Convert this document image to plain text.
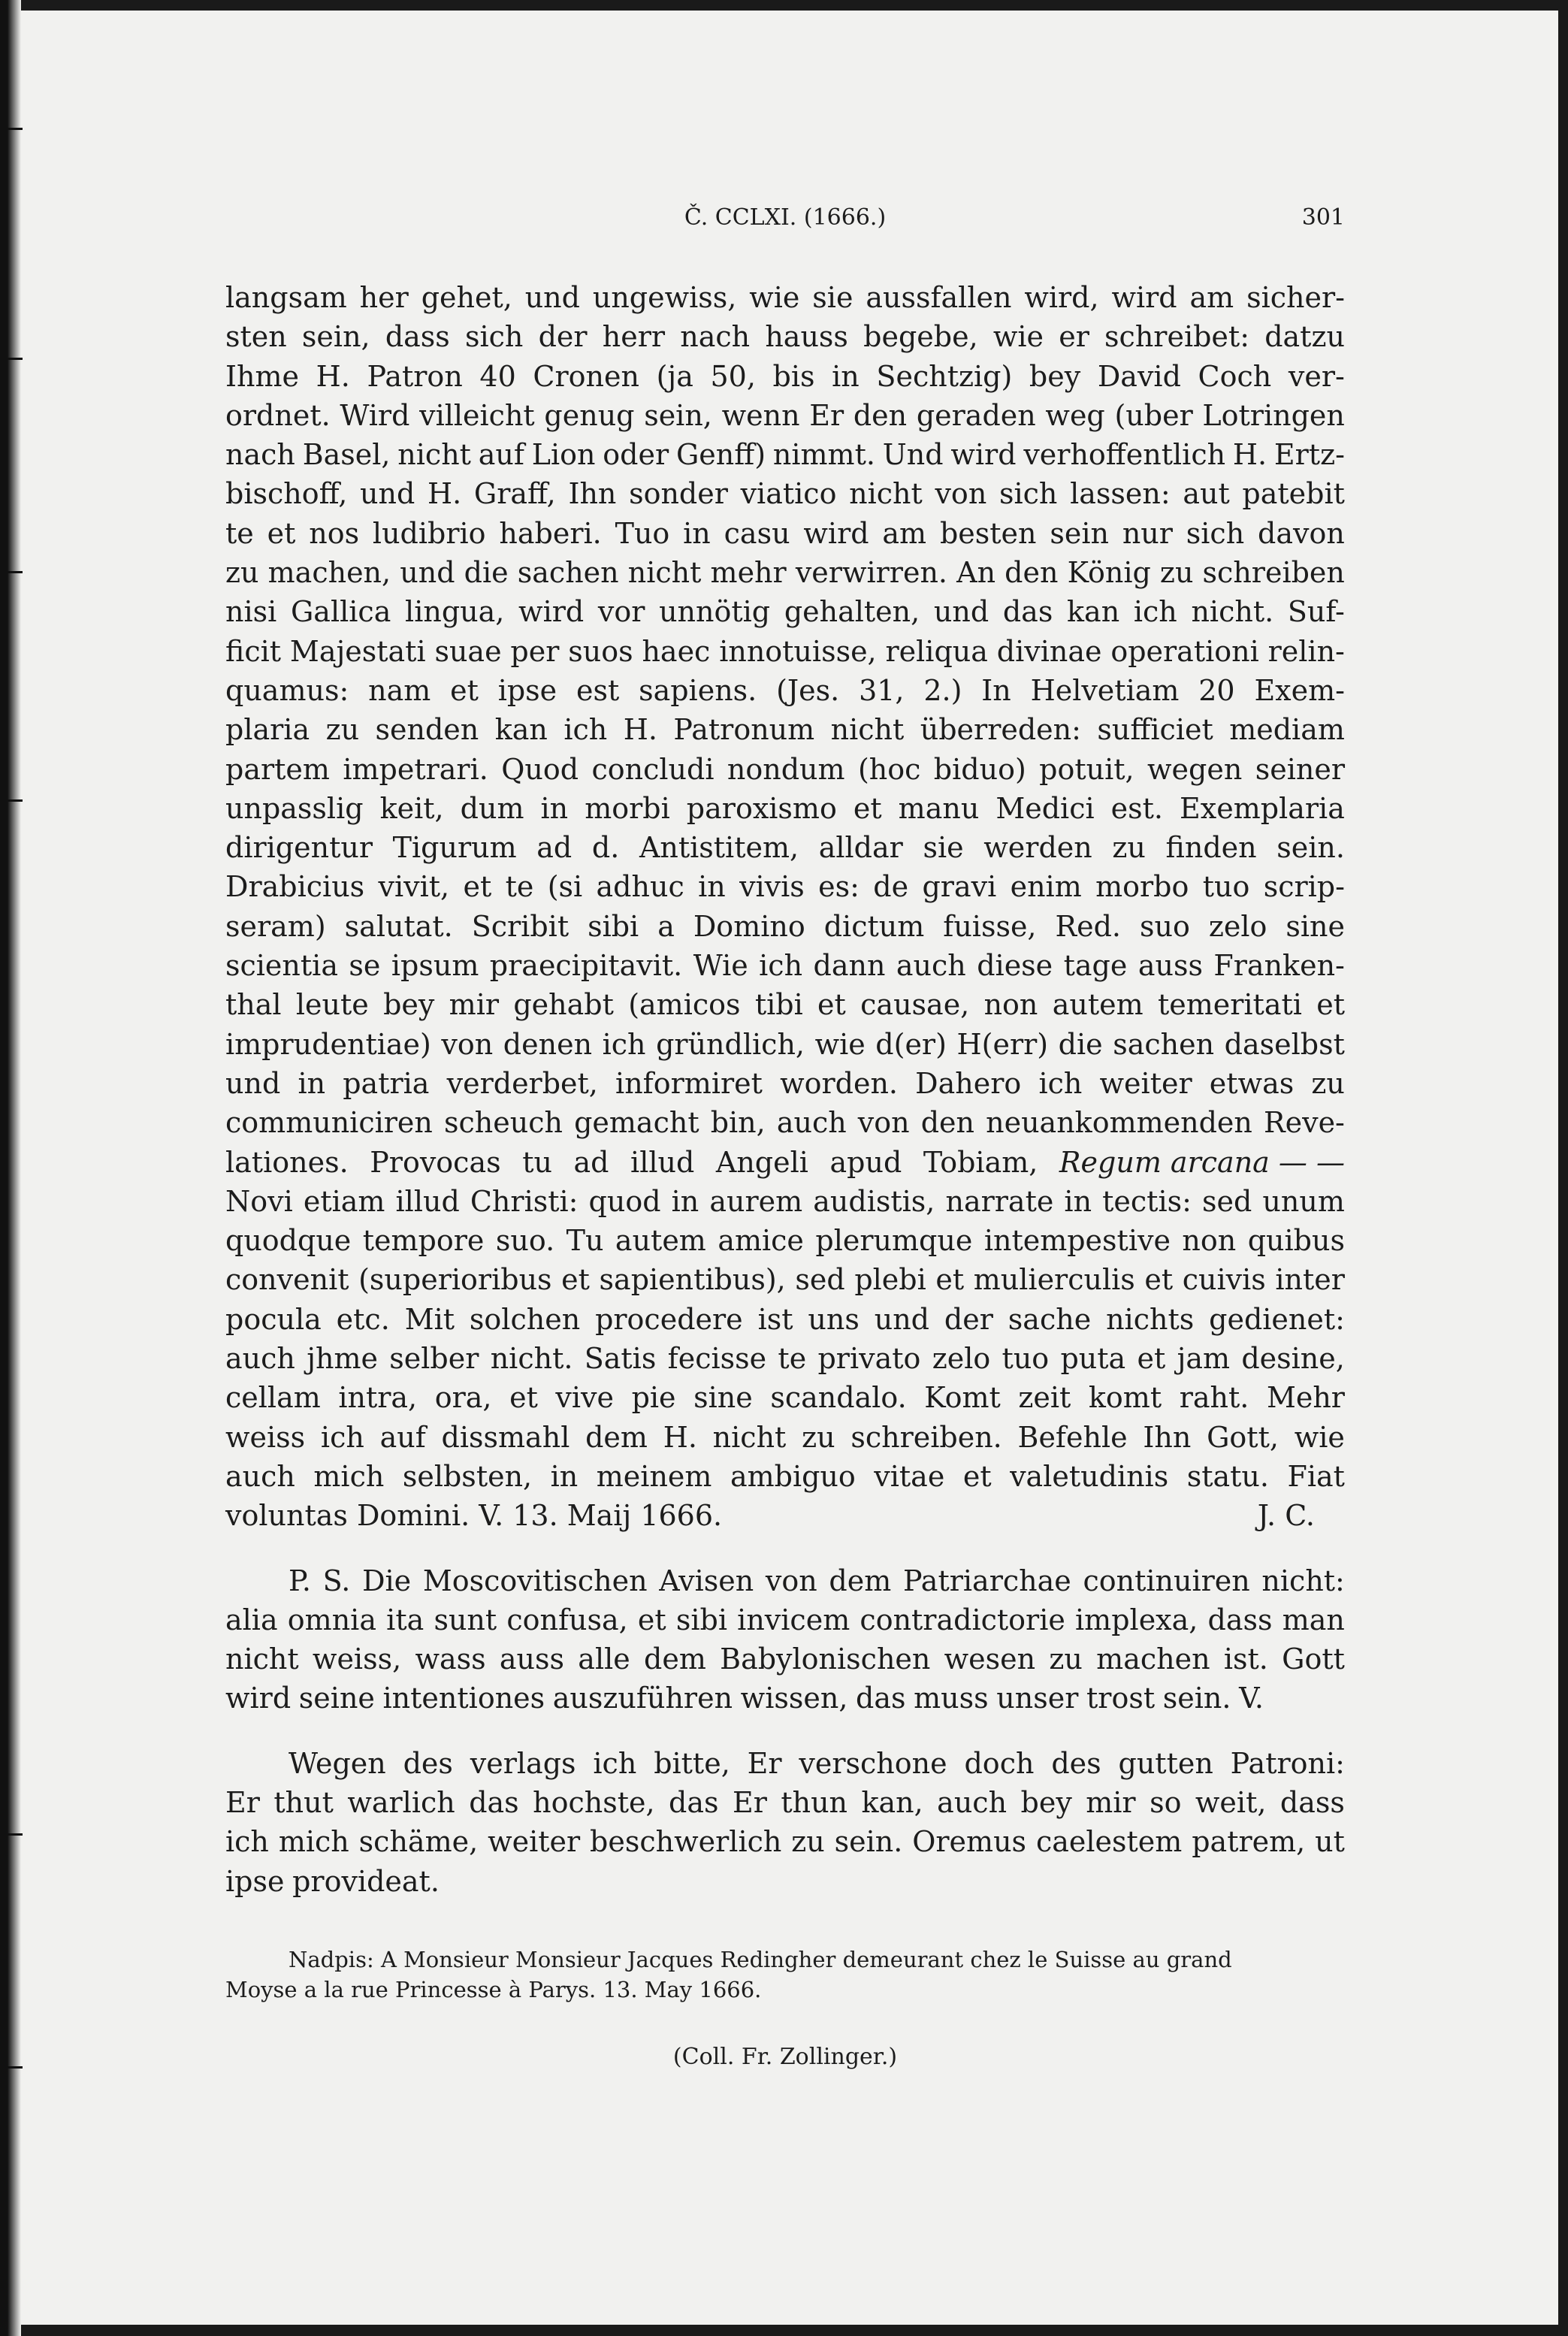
Č. CCLXI. (1666.)	301
langsam her gehet, und ungewiss, wie sie aussfallen wird, wird am sicher-
sten sein, dass sich der herr nach hauss begebe, wie er schreibet: datzu
Ihme H. Patron 40 Cronen (ja 50, bis in Sechtzig) bey David Coch ver-
ordnet. Wird villeicht genug sein, wenn Er den geraden weg (uber Lotringen
nach Basel, nicht auf Lion oder Genff) nimmt. Und wird verhoffentlich H. Ertz-
bischoff, und H. Graff, Ihn sonder viatico nicht von sich lassen: aut patebit
te et nos ludibrio haberi. Tuo in casu wird am besten sein nur sich davon
zu machen, und die sachen nicht mehr verwirren. An den König zu schreiben
nisi Gallica lingua, wird vor unnötig gehalten, und das kan ich nicht. Suf-
ficit Majestati suae per suos haec innotuisse, reliqua divinae operationi relin-
quamus: nam et ipse est sapiens. (Jes. 31, 2.) In Helvetiam 20 Exem-
plaria zu senden kan ich H. Patronum nicht überreden: sufficiet mediam
partem impetrari. Quod concludi nondum (hoc biduo) potuit, wegen seiner
unpasslig keit, dum in morbi paroxismo et manu Medici est. Exemplaria
dirigentur Tigurum ad d. Antistitem, alldar sie werden zu finden sein.
Drabicius vivit, et te (si adhuc in vivis es: de gravi enim morbo tuo scrip-
seram) salutat. Scribit sibi a Domino dictum fuisse, Red. suo zelo sine
scientia se ipsum praecipitavit. Wie ich dann auch diese tage auss Franken-
thal leute bey mir gehabt (amicos tibi et causae, non autem temeritati et
imprudentiae) von denen ich gründlich, wie d(er) H(err) die sachen daselbst
und in patria verderbet, informiret worden. Dahero ich weiter etwas zu
communiciren scheuch gemacht bin, auch von den neuankommenden Reve-
lationes. Provocas tu ad illud Angeli apud Tobiam, Regum arcana — —
Novi etiam illud Christi: quod in aurem audistis, narrate in tectis: sed unum
quodque tempore suo. Tu autem amice plerumque intempestive non quibus
convenit (superioribus et sapientibus), sed plebi et mulierculis et cuivis inter
pocula etc. Mit solchen procedere ist uns und der sache nichts gedienet:
auch jhme selber nicht. Satis fecisse te privato zelo tuo puta et jam desine,
cellam intra, ora, et vive pie sine scandalo. Komt zeit komt raht. Mehr
weiss ich auf dissmahl dem H. nicht zu schreiben. Befehle Ihn Gott, wie
auch mich selbsten, in meinem ambiguo vitae et valetudinis statu. Fiat
voluntas Domini. V. 13. Maij 1666.	J. C.
P. S. Die Moscovitischen Avisen von dem Patriarchae continuiren nicht:
alia omnia ita sunt confusa, et sibi invicem contradictorie implexa, dass man
nicht weiss, wass auss alle dem Babylonischen wesen zu machen ist. Gott
wird seine intentiones auszuführen wissen, das muss unser trost sein. V.
Wegen des verlags ich bitte, Er verschone doch des gutten Patroni:
Er thut warlich das hochste, das Er thun kan, auch bey mir so weit, dass
ich mich schäme, weiter beschwerlich zu sein. Oremus caelestem patrem, ut
ipse provideat.
Nadpis: A Monsieur Monsieur Jacques Redingher demeurant chez le Suisse au grand
Moyse a la rue Princesse à Parys. 13. May 1666.
(Coll. Fr. Zollinger.)
